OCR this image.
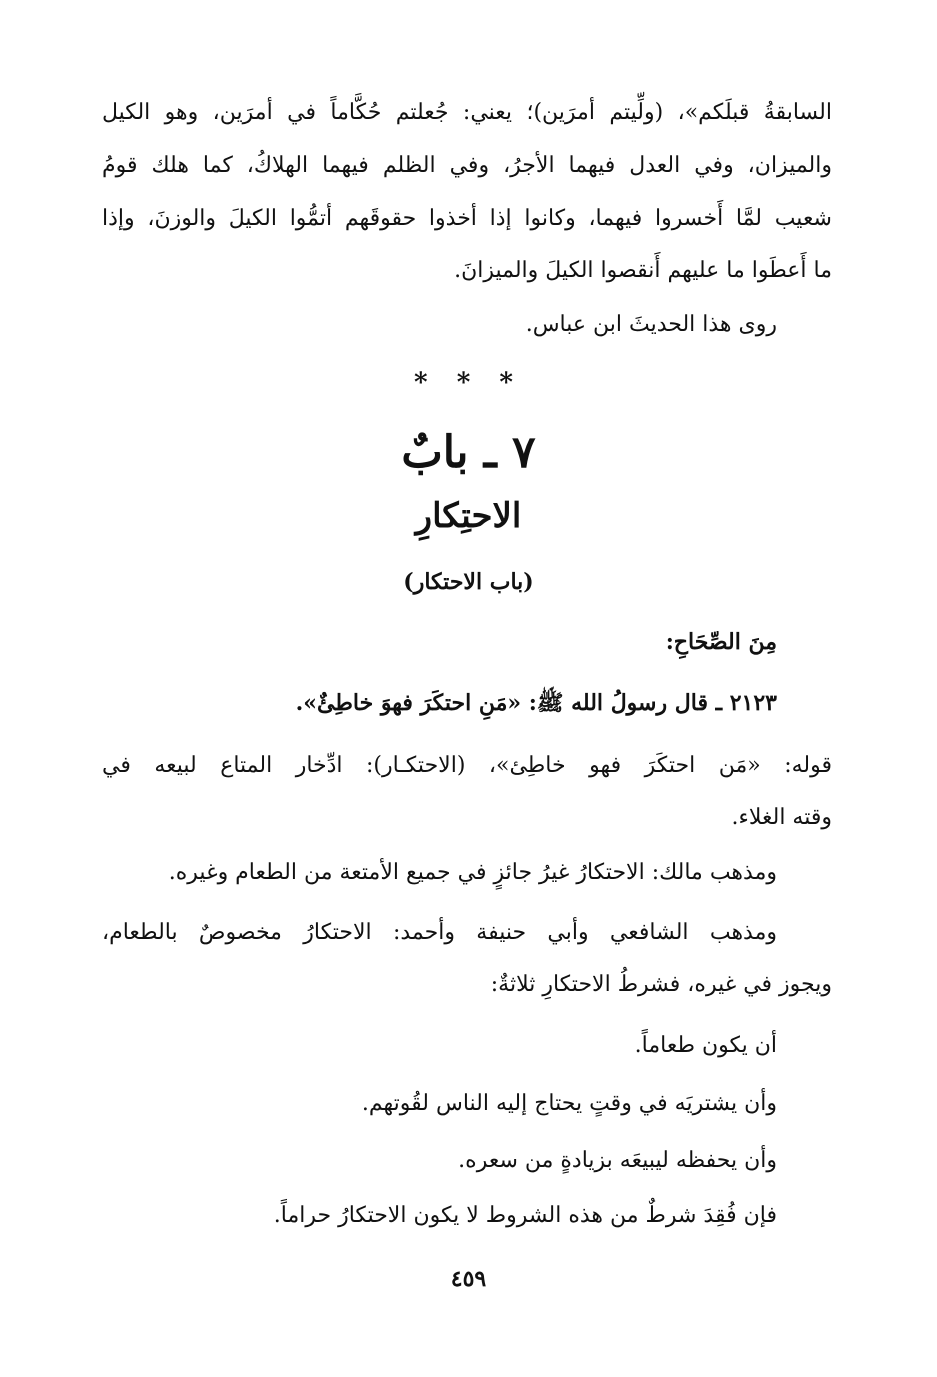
السابقةُ قبلَكم»، (ولِّيتم أمرَين)؛ يعني: جُعلتم حُكَّاماً في أمرَين، وهو الكيل
والميزان، وفي العدل فيهما الأجرُ، وفي الظلم فيهما الهلاكُ، كما هلك قومُ
شعيب لمَّا أَخسروا فيهما، وكانوا إذا أخذوا حقوقَهم أتمُّوا الكيلَ والوزنَ، وإذا
ما أَعطَوا ما عليهم أَنقصوا الكيلَ والميزانَ.
روى هذا الحديثَ ابن عباس.
* * *
٧ ـ بابٌ
الاحتِكارِ
(باب الاحتكار)
مِنَ الصِّحَاحِ:
٢١٢٣ ـ قال رسولُ الله ﷺ: «مَنِ احتكَرَ فهوَ خاطِئٌ».
قوله: «مَن احتكَرَ فهو خاطِئ»، (الاحتكـار): ادِّخار المتاع لبيعه في
وقته الغلاء.
ومذهب مالك: الاحتكارُ غيرُ جائزٍ في جميع الأمتعة من الطعام وغيره.
ومذهب الشافعي وأبي حنيفة وأحمد: الاحتكارُ مخصوصٌ بالطعام،
ويجوز في غيره، فشرطُ الاحتكارِ ثلاثةٌ:
أن يكون طعاماً.
وأن يشتريَه في وقتٍ يحتاج إليه الناس لقُوتهم.
وأن يحفظه ليبيعَه بزيادةٍ من سعره.
فإن فُقِدَ شرطٌ من هذه الشروط لا يكون الاحتكارُ حراماً.
٤٥٩
